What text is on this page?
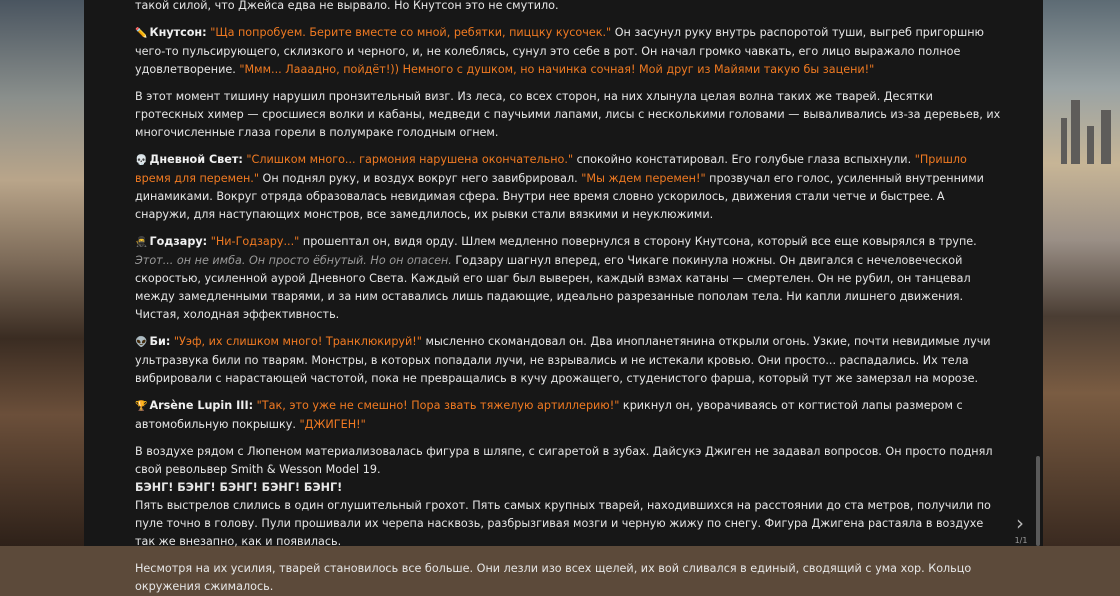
такой силой, что Джейса едва не вырвало. Но Кнутсон это не смутило.

✏️ Кнутсон: "Ща попробуем. Берите вместе со мной, ребятки, пиццку кусочек." Он засунул руку внутрь распоротой туши, выгреб пригоршню чего-то пульсирующего, склизкого и черного, и, не колеблясь, сунул это себе в рот. Он начал громко чавкать, его лицо выражало полное удовлетворение. "Ммм... Лааадно, пойдёт!)) Немного с душком, но начинка сочная! Мой друг из Майями такую бы зацени!"

В этот момент тишину нарушил пронзительный визг. Из леса, со всех сторон, на них хлынула целая волна таких же тварей. Десятки гротескных химер — сросшиеся волки и кабаны, медведи с паучьими лапами, лисы с несколькими головами — вываливались из-за деревьев, их многочисленные глаза горели в полумраке голодным огнем.

💀 Дневной Свет: "Слишком много... гармония нарушена окончательно." спокойно констатировал. Его голубые глаза вспыхнули. "Пришло время для перемен." Он поднял руку, и воздух вокруг него завибрировал. "Мы ждем перемен!" прозвучал его голос, усиленный внутренними динамиками. Вокруг отряда образовалась невидимая сфера. Внутри нее время словно ускорилось, движения стали четче и быстрее. А снаружи, для наступающих монстров, все замедлилось, их рывки стали вязкими и неуклюжими.

🥷 Годзару: "Ни-Годзару..." прошептал он, видя орду. Шлем медленно повернулся в сторону Кнутсона, который все еще ковырялся в трупе. Этот... он не имба. Он просто ёбнутый. Но он опасен. Годзару шагнул вперед, его Чикаге покинула ножны. Он двигался с нечеловеческой скоростью, усиленной аурой Дневного Света. Каждый его шаг был выверен, каждый взмах катаны — смертелен. Он не рубил, он танцевал между замедленными тварями, и за ним оставались лишь падающие, идеально разрезанные пополам тела. Ни капли лишнего движения. Чистая, холодная эффективность.

👽 Би: "Уэф, их слишком много! Транклюкируй!" мысленно скомандовал он. Два инопланетянина открыли огонь. Узкие, почти невидимые лучи ультразвука били по тварям. Монстры, в которых попадали лучи, не взрывались и не истекали кровью. Они просто... распадались. Их тела вибрировали с нарастающей частотой, пока не превращались в кучу дрожащего, студенистого фарша, который тут же замерзал на морозе.

🏆 Arsène Lupin III: "Так, это уже не смешно! Пора звать тяжелую артиллерию!" крикнул он, уворачиваясь от когтистой лапы размером с автомобильную покрышку. "ДЖИГЕН!"

В воздухе рядом с Люпеном материализовалась фигура в шляпе, с сигаретой в зубах. Дайсукэ Джиген не задавал вопросов. Он просто поднял свой револьвер Smith & Wesson Model 19.
БЭНГ! БЭНГ! БЭНГ! БЭНГ! БЭНГ!
Пять выстрелов слились в один оглушительный грохот. Пять самых крупных тварей, находившихся на расстоянии до ста метров, получили по пуле точно в голову. Пули прошивали их черепа насквозь, разбрызгивая мозги и черную жижу по снегу. Фигура Джигена растаяла в воздухе так же внезапно, как и появилась.

Несмотря на их усилия, тварей становилось все больше. Они лезли изо всех щелей, их вой сливался в единый, сводящий с ума хор. Кольцо окружения сжималось.

›
1/1
